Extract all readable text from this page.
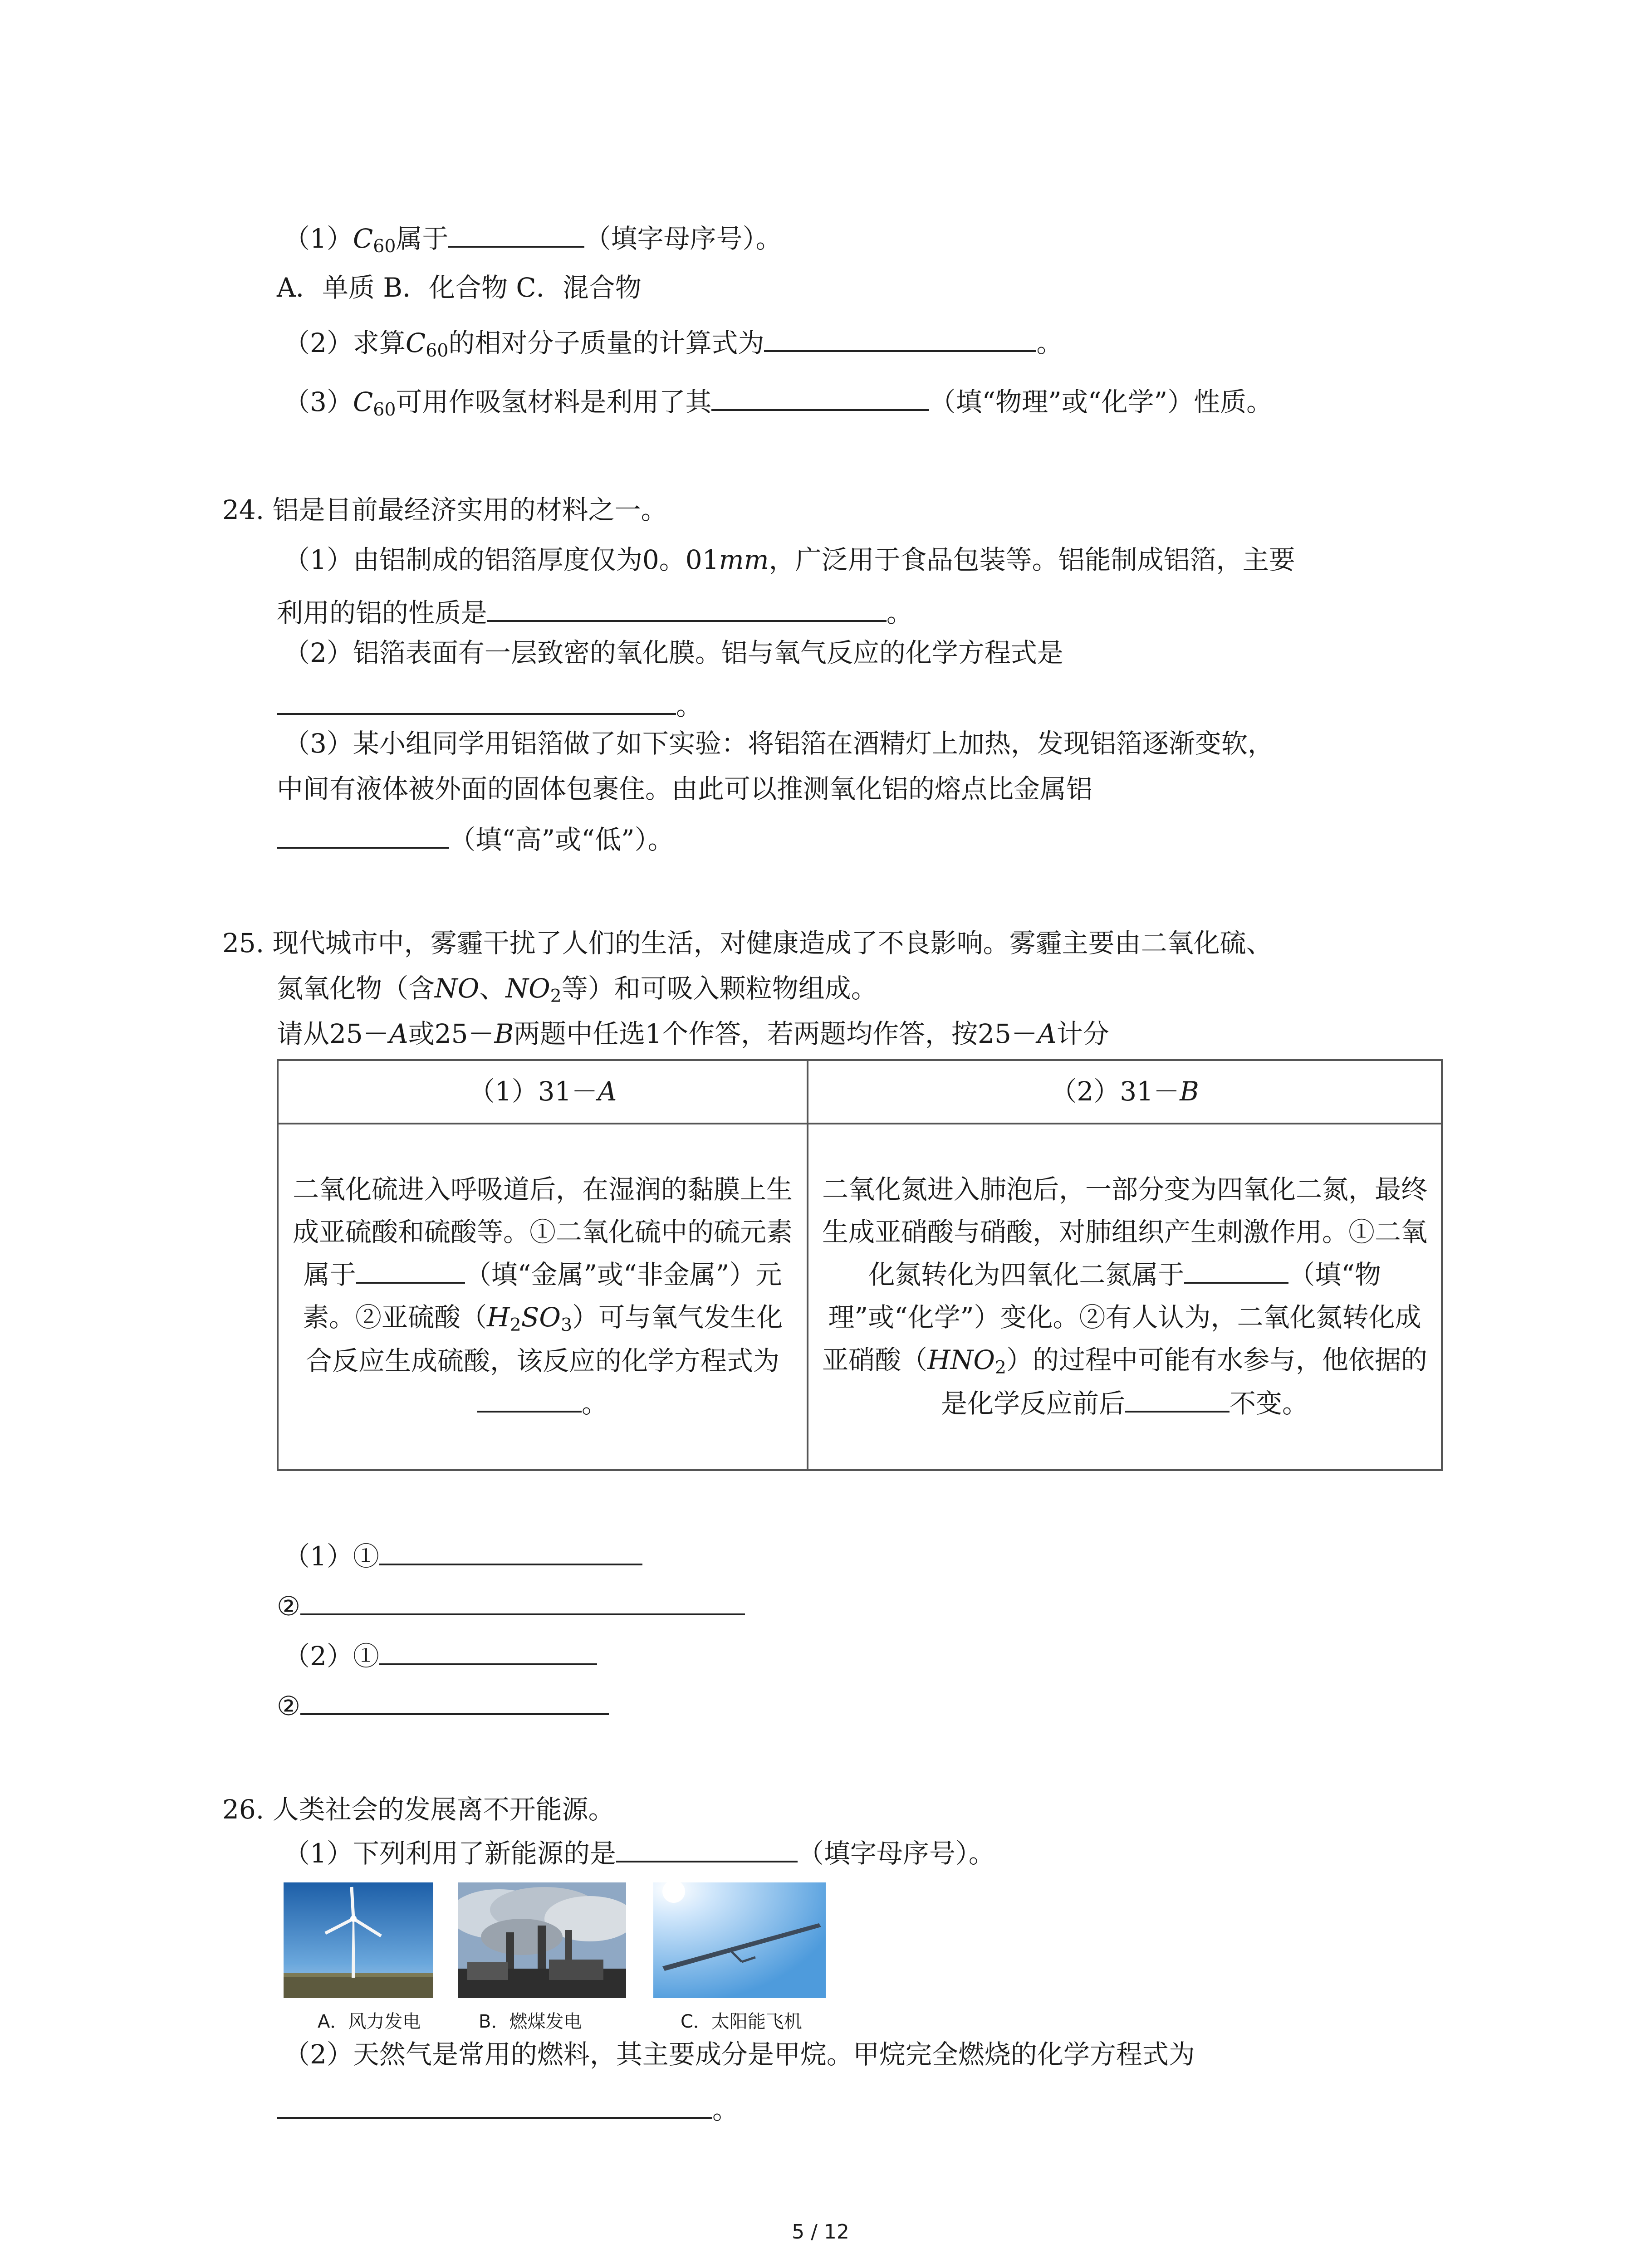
$(1)C_{60}$属于	（填字母序号）。
A．单质 B．化合物 C．混合物
（2）求算$C_{60}$的相对分子质量的计算式为	。
$(3)C_{60}$可用作吸氢材料是利用了其	（填“物理”或“化学”）性质。
24. 铝是目前最经济实用的材料之一。
（1）由铝制成的铝箔厚度仅为0。01mm，广泛用于食品包装等。铝能制成铝箔，主要
利用的铝的性质是	。
（2）铝箔表面有一层致密的氧化膜。铝与氧气反应的化学方程式是
。
（3）某小组同学用铝箔做了如下实验：将铝箔在酒精灯上加热，发现铝箔逐渐变软，
中间有液体被外面的固体包裹住。由此可以推测氧化铝的熔点比金属铝
（填“高”或“低”）。
25. 现代城市中，雾霾干扰了人们的生活，对健康造成了不良影响。雾霾主要由二氧化硫、
氮氧化物（含NO、$NO_2$等）和可吸入颗粒物组成。
请从25－A或25－B两题中任选1个作答，若两题均作答，按25－A计分
（1）31－A	（2）31－B

二氧化硫进入呼吸道后，在湿润的黏膜上生成亚硫酸和硫酸等。①二氧化硫中的硫元素属于 （填“金属”或“非金属”）元素。②亚硫酸$(H_2SO_3)$可与氧气发生化合反应生成硫酸，该反应的化学方程式为。	二氧化氮进入肺泡后，一部分变为四氧化二氮，最终生成亚硝酸与硝酸，对肺组织产生刺激作用。①二氧化氮转化为四氧化二氮属于 （填“物理”或“化学”）变化。②有人认为，二氧化氮转化成亚硝酸$(HNO_2)$的过程中可能有水参与，他依据的是化学反应前后 不变。
（1）①
②
（2）①
②
26. 人类社会的发展离不开能源。
（1）下列利用了新能源的是	（填字母序号）。
A．风力发电	B．燃煤发电	C．太阳能飞机
（2）天然气是常用的燃料，其主要成分是甲烷。甲烷完全燃烧的化学方程式为
。
5 / 12
